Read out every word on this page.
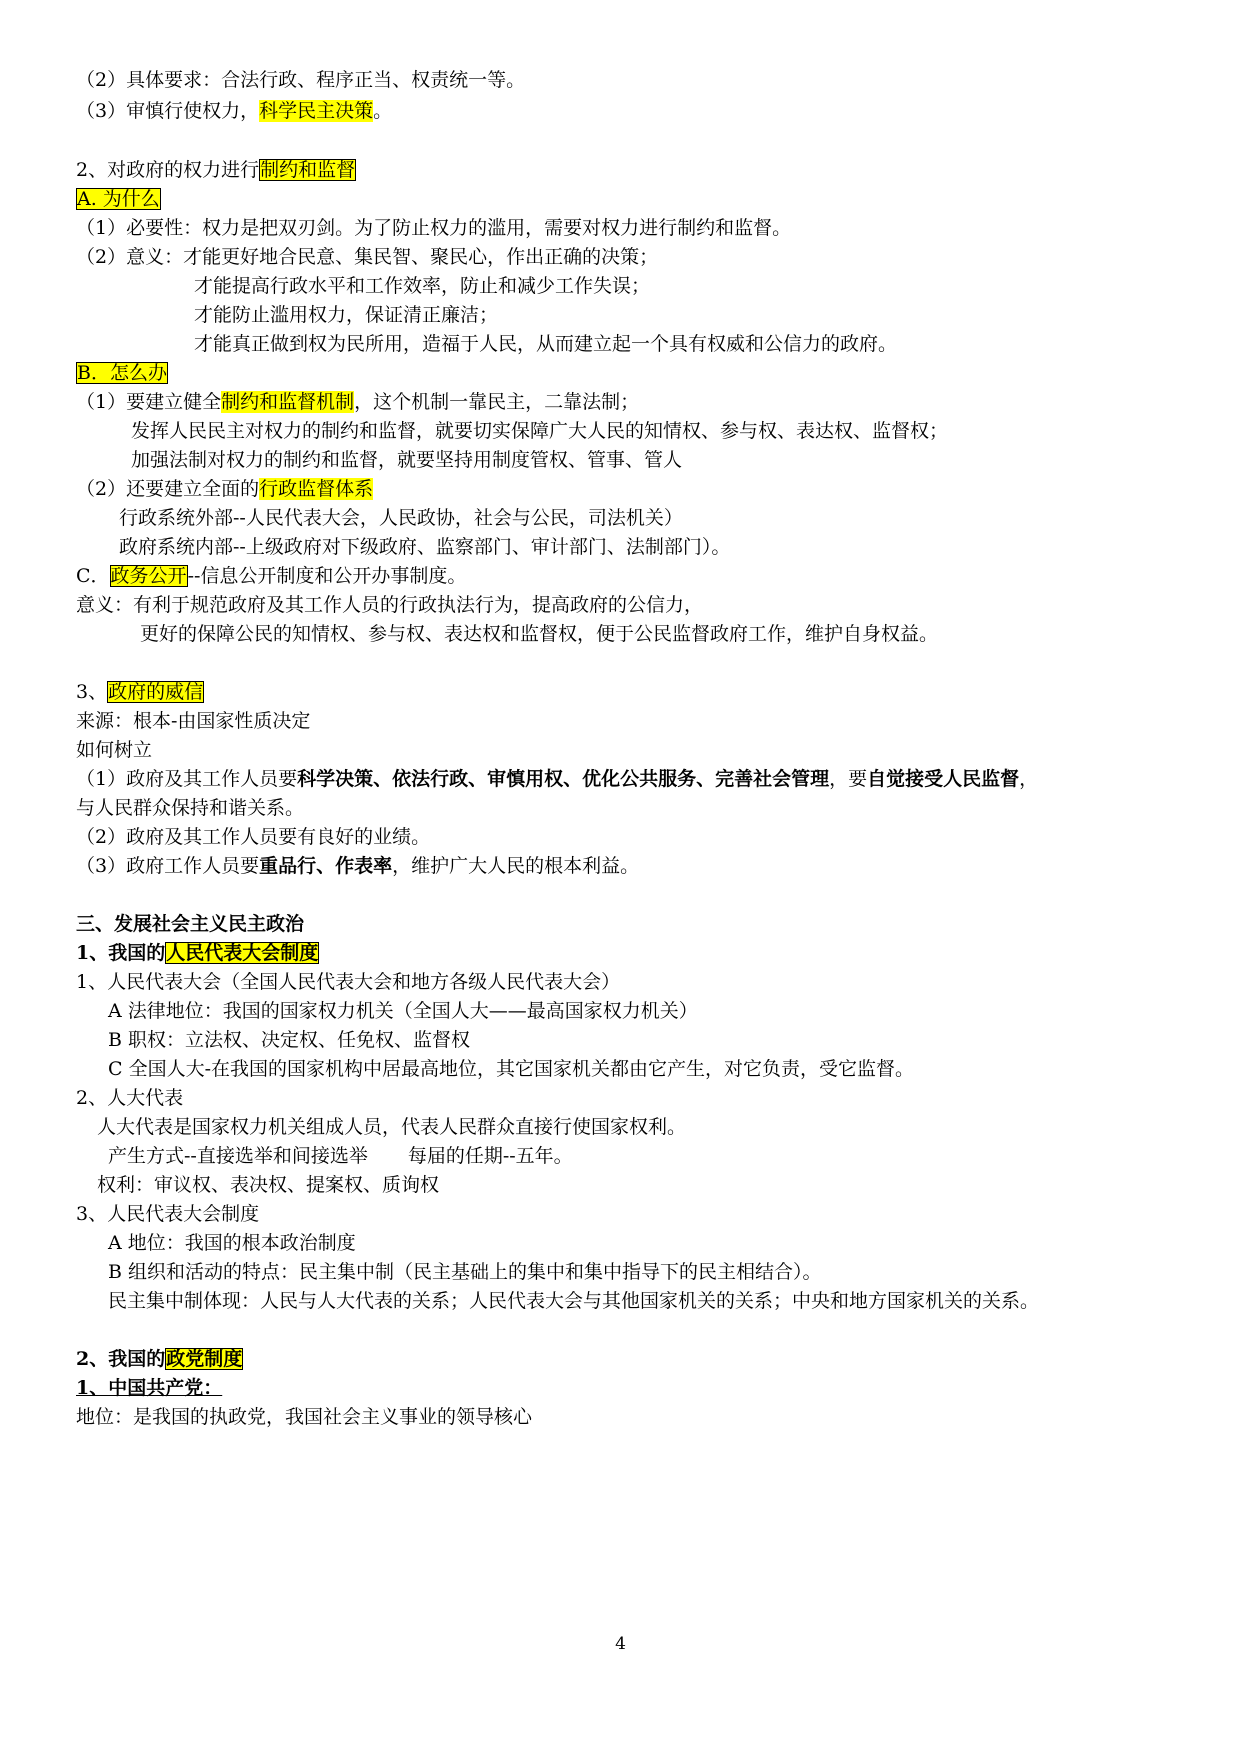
（2）具体要求：合法行政、程序正当、权责统一等。
（3）审慎行使权力，科学民主决策。
2、对政府的权力进行制约和监督
A. 为什么
（1）必要性：权力是把双刃剑。为了防止权力的滥用，需要对权力进行制约和监督。
（2）意义：才能更好地合民意、集民智、聚民心，作出正确的决策；
才能提高行政水平和工作效率，防止和减少工作失误；
才能防止滥用权力，保证清正廉洁；
才能真正做到权为民所用，造福于人民，从而建立起一个具有权威和公信力的政府。
B．怎么办
（1）要建立健全制约和监督机制，这个机制一靠民主，二靠法制；
发挥人民民主对权力的制约和监督，就要切实保障广大人民的知情权、参与权、表达权、监督权；
加强法制对权力的制约和监督，就要坚持用制度管权、管事、管人
（2）还要建立全面的行政监督体系
行政系统外部--人民代表大会，人民政协，社会与公民，司法机关）
政府系统内部--上级政府对下级政府、监察部门、审计部门、法制部门）。
C．政务公开--信息公开制度和公开办事制度。
意义：有利于规范政府及其工作人员的行政执法行为，提高政府的公信力，
更好的保障公民的知情权、参与权、表达权和监督权，便于公民监督政府工作，维护自身权益。
3、政府的威信
来源：根本-由国家性质决定
如何树立
（1）政府及其工作人员要科学决策、依法行政、审慎用权、优化公共服务、完善社会管理，要自觉接受人民监督，
与人民群众保持和谐关系。
（2）政府及其工作人员要有良好的业绩。
（3）政府工作人员要重品行、作表率，维护广大人民的根本利益。
三、发展社会主义民主政治
1、我国的人民代表大会制度
1、人民代表大会（全国人民代表大会和地方各级人民代表大会）
A 法律地位：我国的国家权力机关（全国人大——最高国家权力机关）
B 职权：立法权、决定权、任免权、监督权
C 全国人大-在我国的国家机构中居最高地位，其它国家机关都由它产生，对它负责，受它监督。
2、人大代表
人大代表是国家权力机关组成人员，代表人民群众直接行使国家权利。
产生方式--直接选举和间接选举 每届的任期--五年。
权利：审议权、表决权、提案权、质询权
3、人民代表大会制度
A 地位：我国的根本政治制度
B 组织和活动的特点：民主集中制（民主基础上的集中和集中指导下的民主相结合）。
民主集中制体现：人民与人大代表的关系；人民代表大会与其他国家机关的关系；中央和地方国家机关的关系。
2、我国的政党制度
1、中国共产党：
地位：是我国的执政党，我国社会主义事业的领导核心
4
